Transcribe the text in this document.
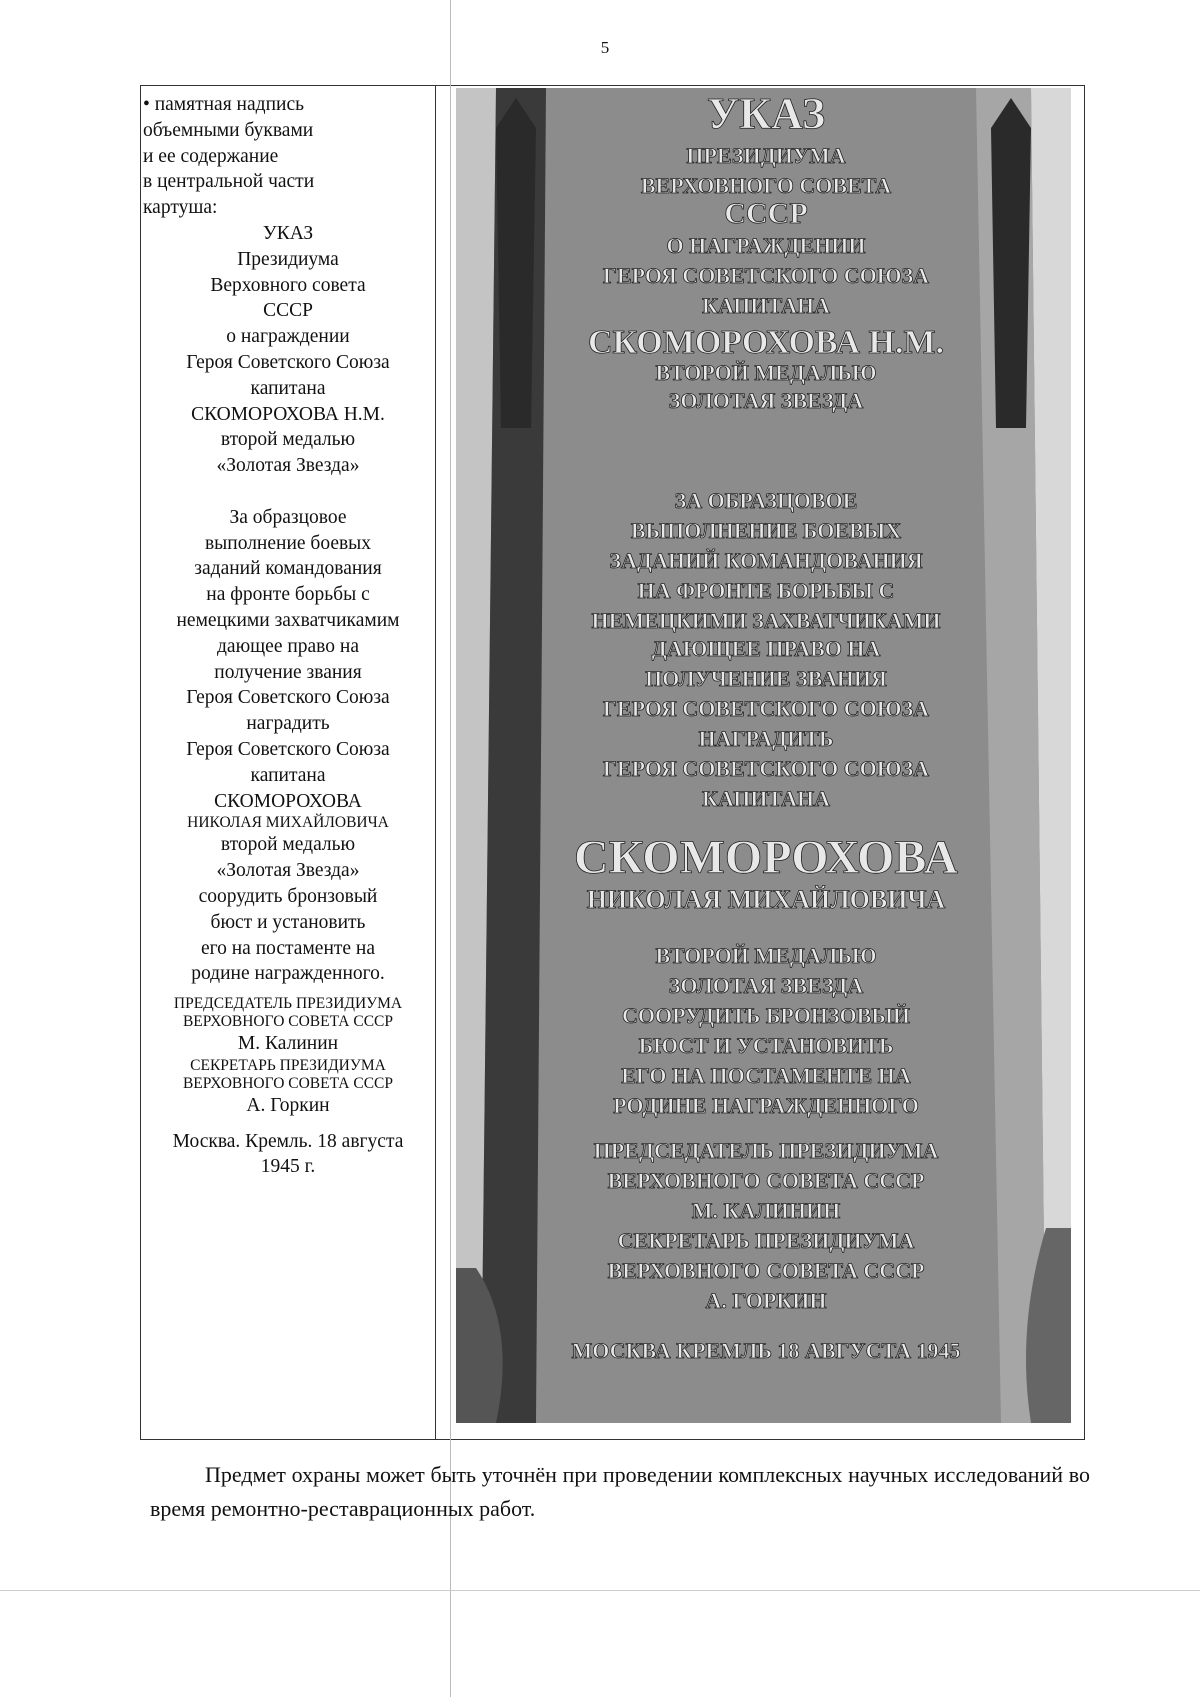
5
• памятная надпись
объемными буквами
и ее содержание
в центральной части
картуша:
УКАЗ
Президиума
Верховного совета
СССР
о награждении
Героя Советского Союза
капитана
СКОМОРОХОВА Н.М.
второй медалью
«Золотая Звезда»
За образцовое
выполнение боевых
заданий командования
на фронте борьбы с
немецкими захватчикамим
дающее право на
получение звания
Героя Советского Союза
наградить
Героя Советского Союза
капитана
СКОМОРОХОВА
НИКОЛАЯ МИХАЙЛОВИЧА
второй медалью
«Золотая Звезда»
соорудить бронзовый
бюст и установить
его на постаменте на
родине награжденного.
ПРЕДСЕДАТЕЛЬ ПРЕЗИДИУМА
ВЕРХОВНОГО СОВЕТА СССР
М. Калинин
СЕКРЕТАРЬ ПРЕЗИДИУМА
ВЕРХОВНОГО СОВЕТА СССР
А. Горкин
Москва. Кремль. 18 августа
1945 г.
УКАЗ
ПРЕЗИДИУМА
ВЕРХОВНОГО СОВЕТА
СССР
О НАГРАЖДЕНИИ
ГЕРОЯ СОВЕТСКОГО СОЮЗА
КАПИТАНА
СКОМОРОХОВА Н.М.
ВТОРОЙ МЕДАЛЬЮ
ЗОЛОТАЯ ЗВЕЗДА
ЗА ОБРАЗЦОВОЕ
ВЫПОЛНЕНИЕ БОЕВЫХ
ЗАДАНИЙ КОМАНДОВАНИЯ
НА ФРОНТЕ БОРЬБЫ С
НЕМЕЦКИМИ ЗАХВАТЧИКАМИ
ДАЮЩЕЕ ПРАВО НА
ПОЛУЧЕНИЕ ЗВАНИЯ
ГЕРОЯ СОВЕТСКОГО СОЮЗА
НАГРАДИТЬ
ГЕРОЯ СОВЕТСКОГО СОЮЗА
КАПИТАНА
СКОМОРОХОВА
НИКОЛАЯ МИХАЙЛОВИЧА
ВТОРОЙ МЕДАЛЬЮ
ЗОЛОТАЯ ЗВЕЗДА
СООРУДИТЬ БРОНЗОВЫЙ
БЮСТ И УСТАНОВИТЬ
ЕГО НА ПОСТАМЕНТЕ НА
РОДИНЕ НАГРАЖДЕННОГО
ПРЕДСЕДАТЕЛЬ ПРЕЗИДИУМА
ВЕРХОВНОГО СОВЕТА СССР
М. КАЛИНИН
СЕКРЕТАРЬ ПРЕЗИДИУМА
ВЕРХОВНОГО СОВЕТА СССР
А. ГОРКИН
МОСКВА КРЕМЛЬ 18 АВГУСТА 1945
Предмет охраны может быть уточнён при проведении комплексных научных исследований во время ремонтно-реставрационных работ.
